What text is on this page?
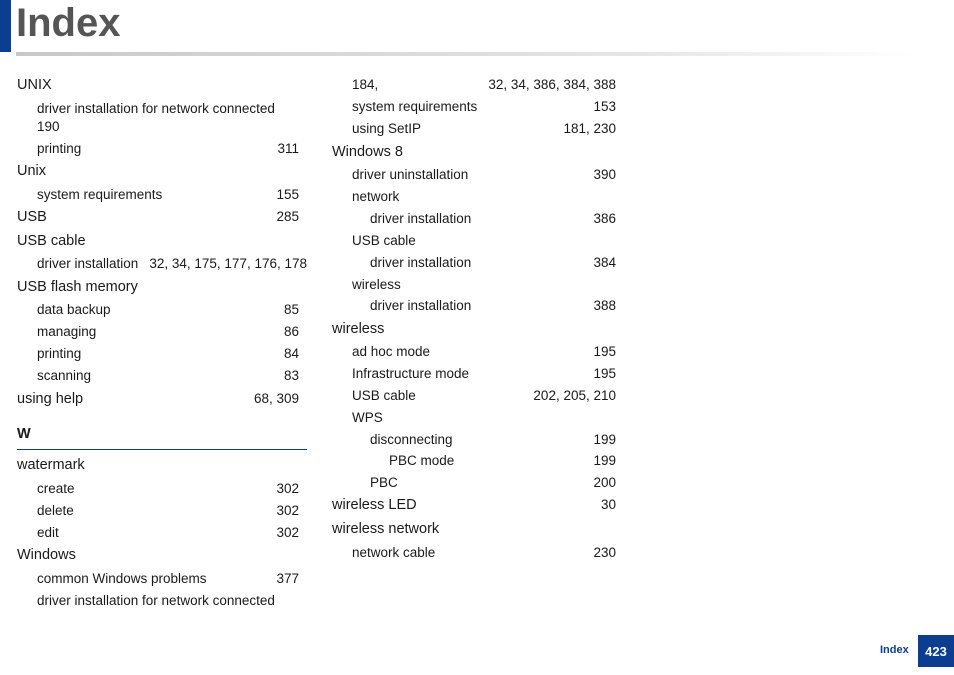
Index
UNIX
driver installation for network connected
190
printing	311
Unix
system requirements	155
USB	285
USB cable
driver installation 32, 34, 175, 177, 176, 178
USB flash memory
data backup	85
managing	86
printing	84
scanning	83
using help	68, 309
W
watermark
create	302
delete	302
edit	302
Windows
common Windows problems	377
driver installation for network connected
184,	32, 34, 386, 384, 388
system requirements	153
using SetIP	181, 230
Windows 8
driver uninstallation	390
network
driver installation	386
USB cable
driver installation	384
wireless
driver installation	388
wireless
ad hoc mode	195
Infrastructure mode	195
USB cable	202, 205, 210
WPS
disconnecting	199
PBC mode	199
PBC	200
wireless LED	30
wireless network
network cable	230
Index	423
